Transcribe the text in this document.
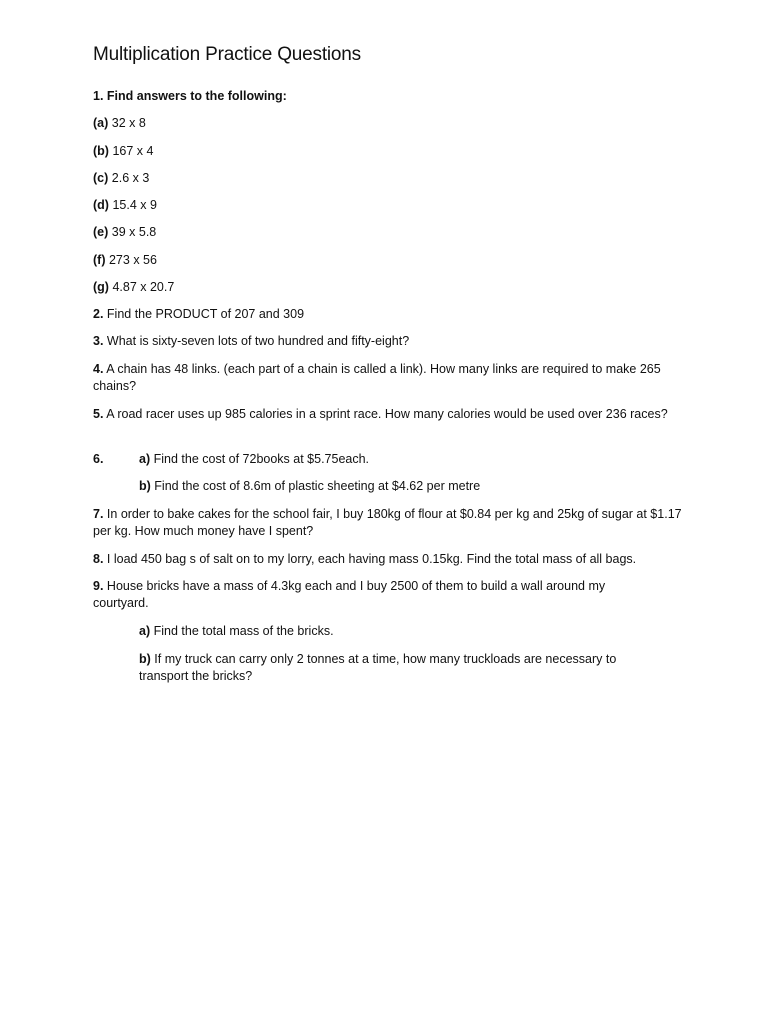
Multiplication Practice Questions
1. Find answers to the following:
(a) 32 x 8
(b) 167 x 4
(c) 2.6 x 3
(d) 15.4 x 9
(e) 39 x 5.8
(f) 273 x 56
(g) 4.87 x 20.7
2. Find the PRODUCT of 207 and 309
3. What is sixty-seven lots of two hundred and fifty-eight?
4. A chain has 48 links. (each part of a chain is called a link). How many links are required to make 265 chains?
5. A road racer uses up 985 calories in a sprint race. How many calories would be used over 236 races?
6.	a) Find the cost of 72books at $5.75each.
b) Find the cost of 8.6m of plastic sheeting at $4.62 per metre
7. In order to bake cakes for the school fair, I buy 180kg of flour at $0.84 per kg and 25kg of sugar at $1.17 per kg. How much money have I spent?
8. I load 450 bag s of salt on to my lorry, each having mass 0.15kg. Find the total mass of all bags.
9. House bricks have a mass of 4.3kg each and I buy 2500 of them to build a wall around my courtyard.
a) Find the total mass of the bricks.
b) If my truck can carry only 2 tonnes at a time, how many truckloads are necessary to transport the bricks?
